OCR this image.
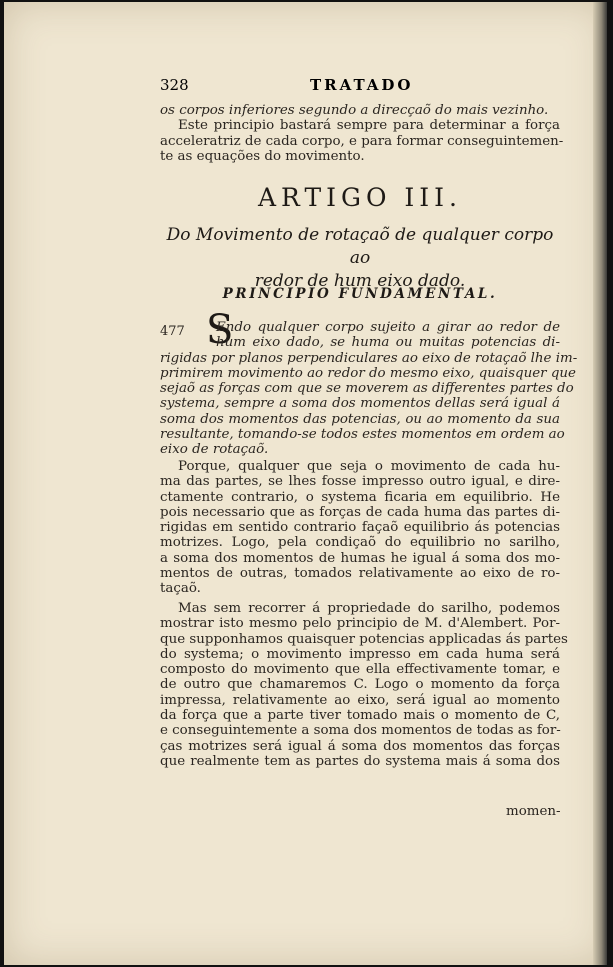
328	TRATADO
os corpos inferiores segundo a direcçaõ do mais vezinho.
Este principio bastará sempre para determinar a força
acceleratriz de cada corpo, e para formar conseguintemen-
te as equações do movimento.
ARTIGO III.
Do Movimento de rotaçaõ de qualquer corpo ao
redor de hum eixo dado.
PRINCIPIO FUNDAMENTAL.
477 S
Endo qualquer corpo sujeito a girar ao redor de
hum eixo dado, se huma ou muitas potencias di-
rigidas por planos perpendiculares ao eixo de rotaçaõ lhe im-
primirem movimento ao redor do mesmo eixo, quaisquer que
sejaõ as forças com que se moverem as differentes partes do
systema, sempre a soma dos momentos dellas será igual á
soma dos momentos das potencias, ou ao momento da sua
resultante, tomando-se todos estes momentos em ordem ao
eixo de rotaçaõ.
Porque, qualquer que seja o movimento de cada hu-
ma das partes, se lhes fosse impresso outro igual, e dire-
ctamente contrario, o systema ficaria em equilibrio. He
pois necessario que as forças de cada huma das partes di-
rigidas em sentido contrario façaõ equilibrio ás potencias
motrizes. Logo, pela condiçaõ do equilibrio no sarilho,
a soma dos momentos de humas he igual á soma dos mo-
mentos de outras, tomados relativamente ao eixo de ro-
taçaõ.
Mas sem recorrer á propriedade do sarilho, podemos
mostrar isto mesmo pelo principio de M. d'Alembert. Por-
que supponhamos quaisquer potencias applicadas ás partes
do systema; o movimento impresso em cada huma será
composto do movimento que ella effectivamente tomar, e
de outro que chamaremos C. Logo o momento da força
impressa, relativamente ao eixo, será igual ao momento
da força que a parte tiver tomado mais o momento de C,
e conseguintemente a soma dos momentos de todas as for-
ças motrizes será igual á soma dos momentos das forças
que realmente tem as partes do systema mais á soma dos
momen-
